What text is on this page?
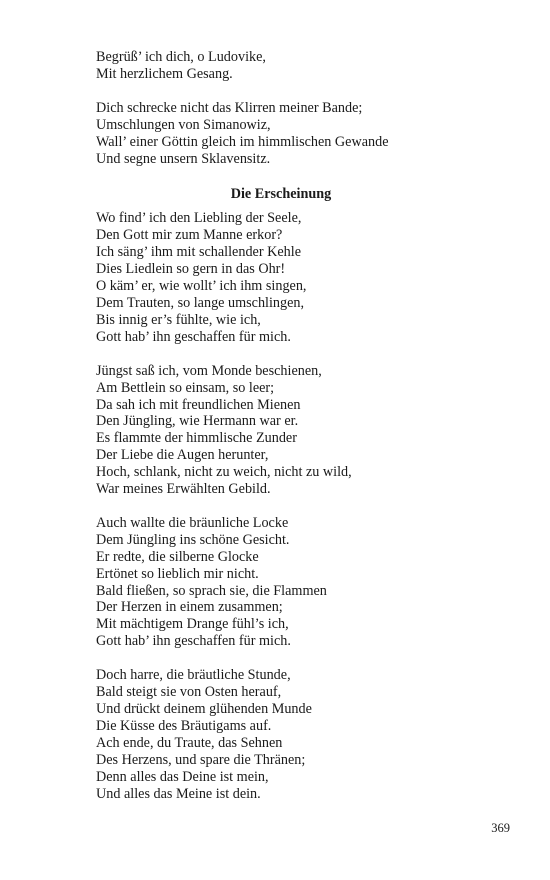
Begrüß’ ich dich, o Ludovike,
Mit herzlichem Gesang.
Dich schrecke nicht das Klirren meiner Bande;
Umschlungen von Simanowiz,
Wall’ einer Göttin gleich im himmlischen Gewande
Und segne unsern Sklavensitz.
Die Erscheinung
Wo find’ ich den Liebling der Seele,
Den Gott mir zum Manne erkor?
Ich säng’ ihm mit schallender Kehle
Dies Liedlein so gern in das Ohr!
O käm’ er, wie wollt’ ich ihm singen,
Dem Trauten, so lange umschlingen,
Bis innig er’s fühlte, wie ich,
Gott hab’ ihn geschaffen für mich.
Jüngst saß ich, vom Monde beschienen,
Am Bettlein so einsam, so leer;
Da sah ich mit freundlichen Mienen
Den Jüngling, wie Hermann war er.
Es flammte der himmlische Zunder
Der Liebe die Augen herunter,
Hoch, schlank, nicht zu weich, nicht zu wild,
War meines Erwählten Gebild.
Auch wallte die bräunliche Locke
Dem Jüngling ins schöne Gesicht.
Er redte, die silberne Glocke
Ertönet so lieblich mir nicht.
Bald fließen, so sprach sie, die Flammen
Der Herzen in einem zusammen;
Mit mächtigem Drange fühl’s ich,
Gott hab’ ihn geschaffen für mich.
Doch harre, die bräutliche Stunde,
Bald steigt sie von Osten herauf,
Und drückt deinem glühenden Munde
Die Küsse des Bräutigams auf.
Ach ende, du Traute, das Sehnen
Des Herzens, und spare die Thränen;
Denn alles das Deine ist mein,
Und alles das Meine ist dein.
369
